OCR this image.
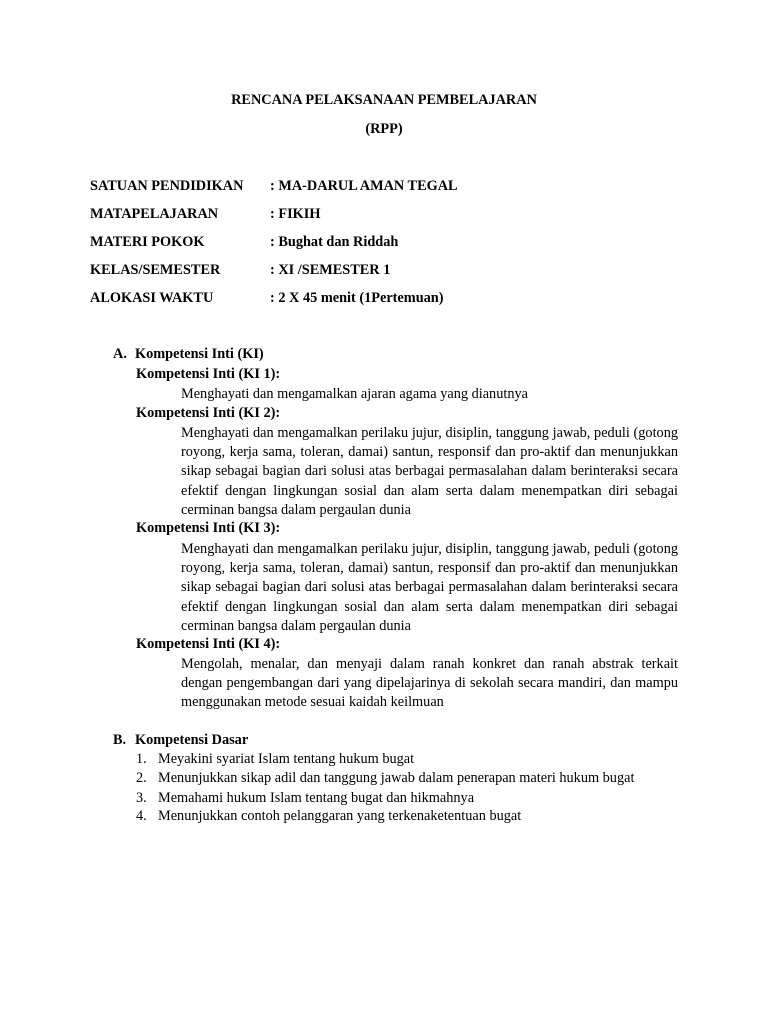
RENCANA PELAKSANAAN PEMBELAJARAN
(RPP)
SATUAN PENDIDIKAN : MA-DARUL AMAN TEGAL
MATAPELAJARAN	: FIKIH
MATERI POKOK	: Bughat dan Riddah
KELAS/SEMESTER	: XI /SEMESTER 1
ALOKASI WAKTU	: 2 X 45 menit (1Pertemuan)
A. Kompetensi Inti (KI)
Kompetensi Inti (KI 1):
Menghayati dan mengamalkan ajaran agama yang dianutnya
Kompetensi Inti (KI 2):
Menghayati dan mengamalkan perilaku jujur, disiplin, tanggung jawab, peduli (gotong royong, kerja sama, toleran, damai) santun, responsif dan pro-aktif dan menunjukkan sikap sebagai bagian dari solusi atas berbagai permasalahan dalam berinteraksi secara efektif dengan lingkungan sosial dan alam serta dalam menempatkan diri sebagai cerminan bangsa dalam pergaulan dunia
Kompetensi Inti (KI 3):
Menghayati dan mengamalkan perilaku jujur, disiplin, tanggung jawab, peduli (gotong royong, kerja sama, toleran, damai) santun, responsif dan pro-aktif dan menunjukkan sikap sebagai bagian dari solusi atas berbagai permasalahan dalam berinteraksi secara efektif dengan lingkungan sosial dan alam serta dalam menempatkan diri sebagai cerminan bangsa dalam pergaulan dunia
Kompetensi Inti (KI 4):
Mengolah, menalar, dan menyaji dalam ranah konkret dan ranah abstrak terkait dengan pengembangan dari yang dipelajarinya di sekolah secara mandiri, dan mampu menggunakan metode sesuai kaidah keilmuan
B. Kompetensi Dasar
1. Meyakini syariat Islam tentang hukum bugat
2. Menunjukkan sikap adil dan tanggung jawab dalam penerapan materi hukum bugat
3. Memahami hukum Islam tentang bugat dan hikmahnya
4. Menunjukkan contoh pelanggaran yang terkenaketentuan bugat
